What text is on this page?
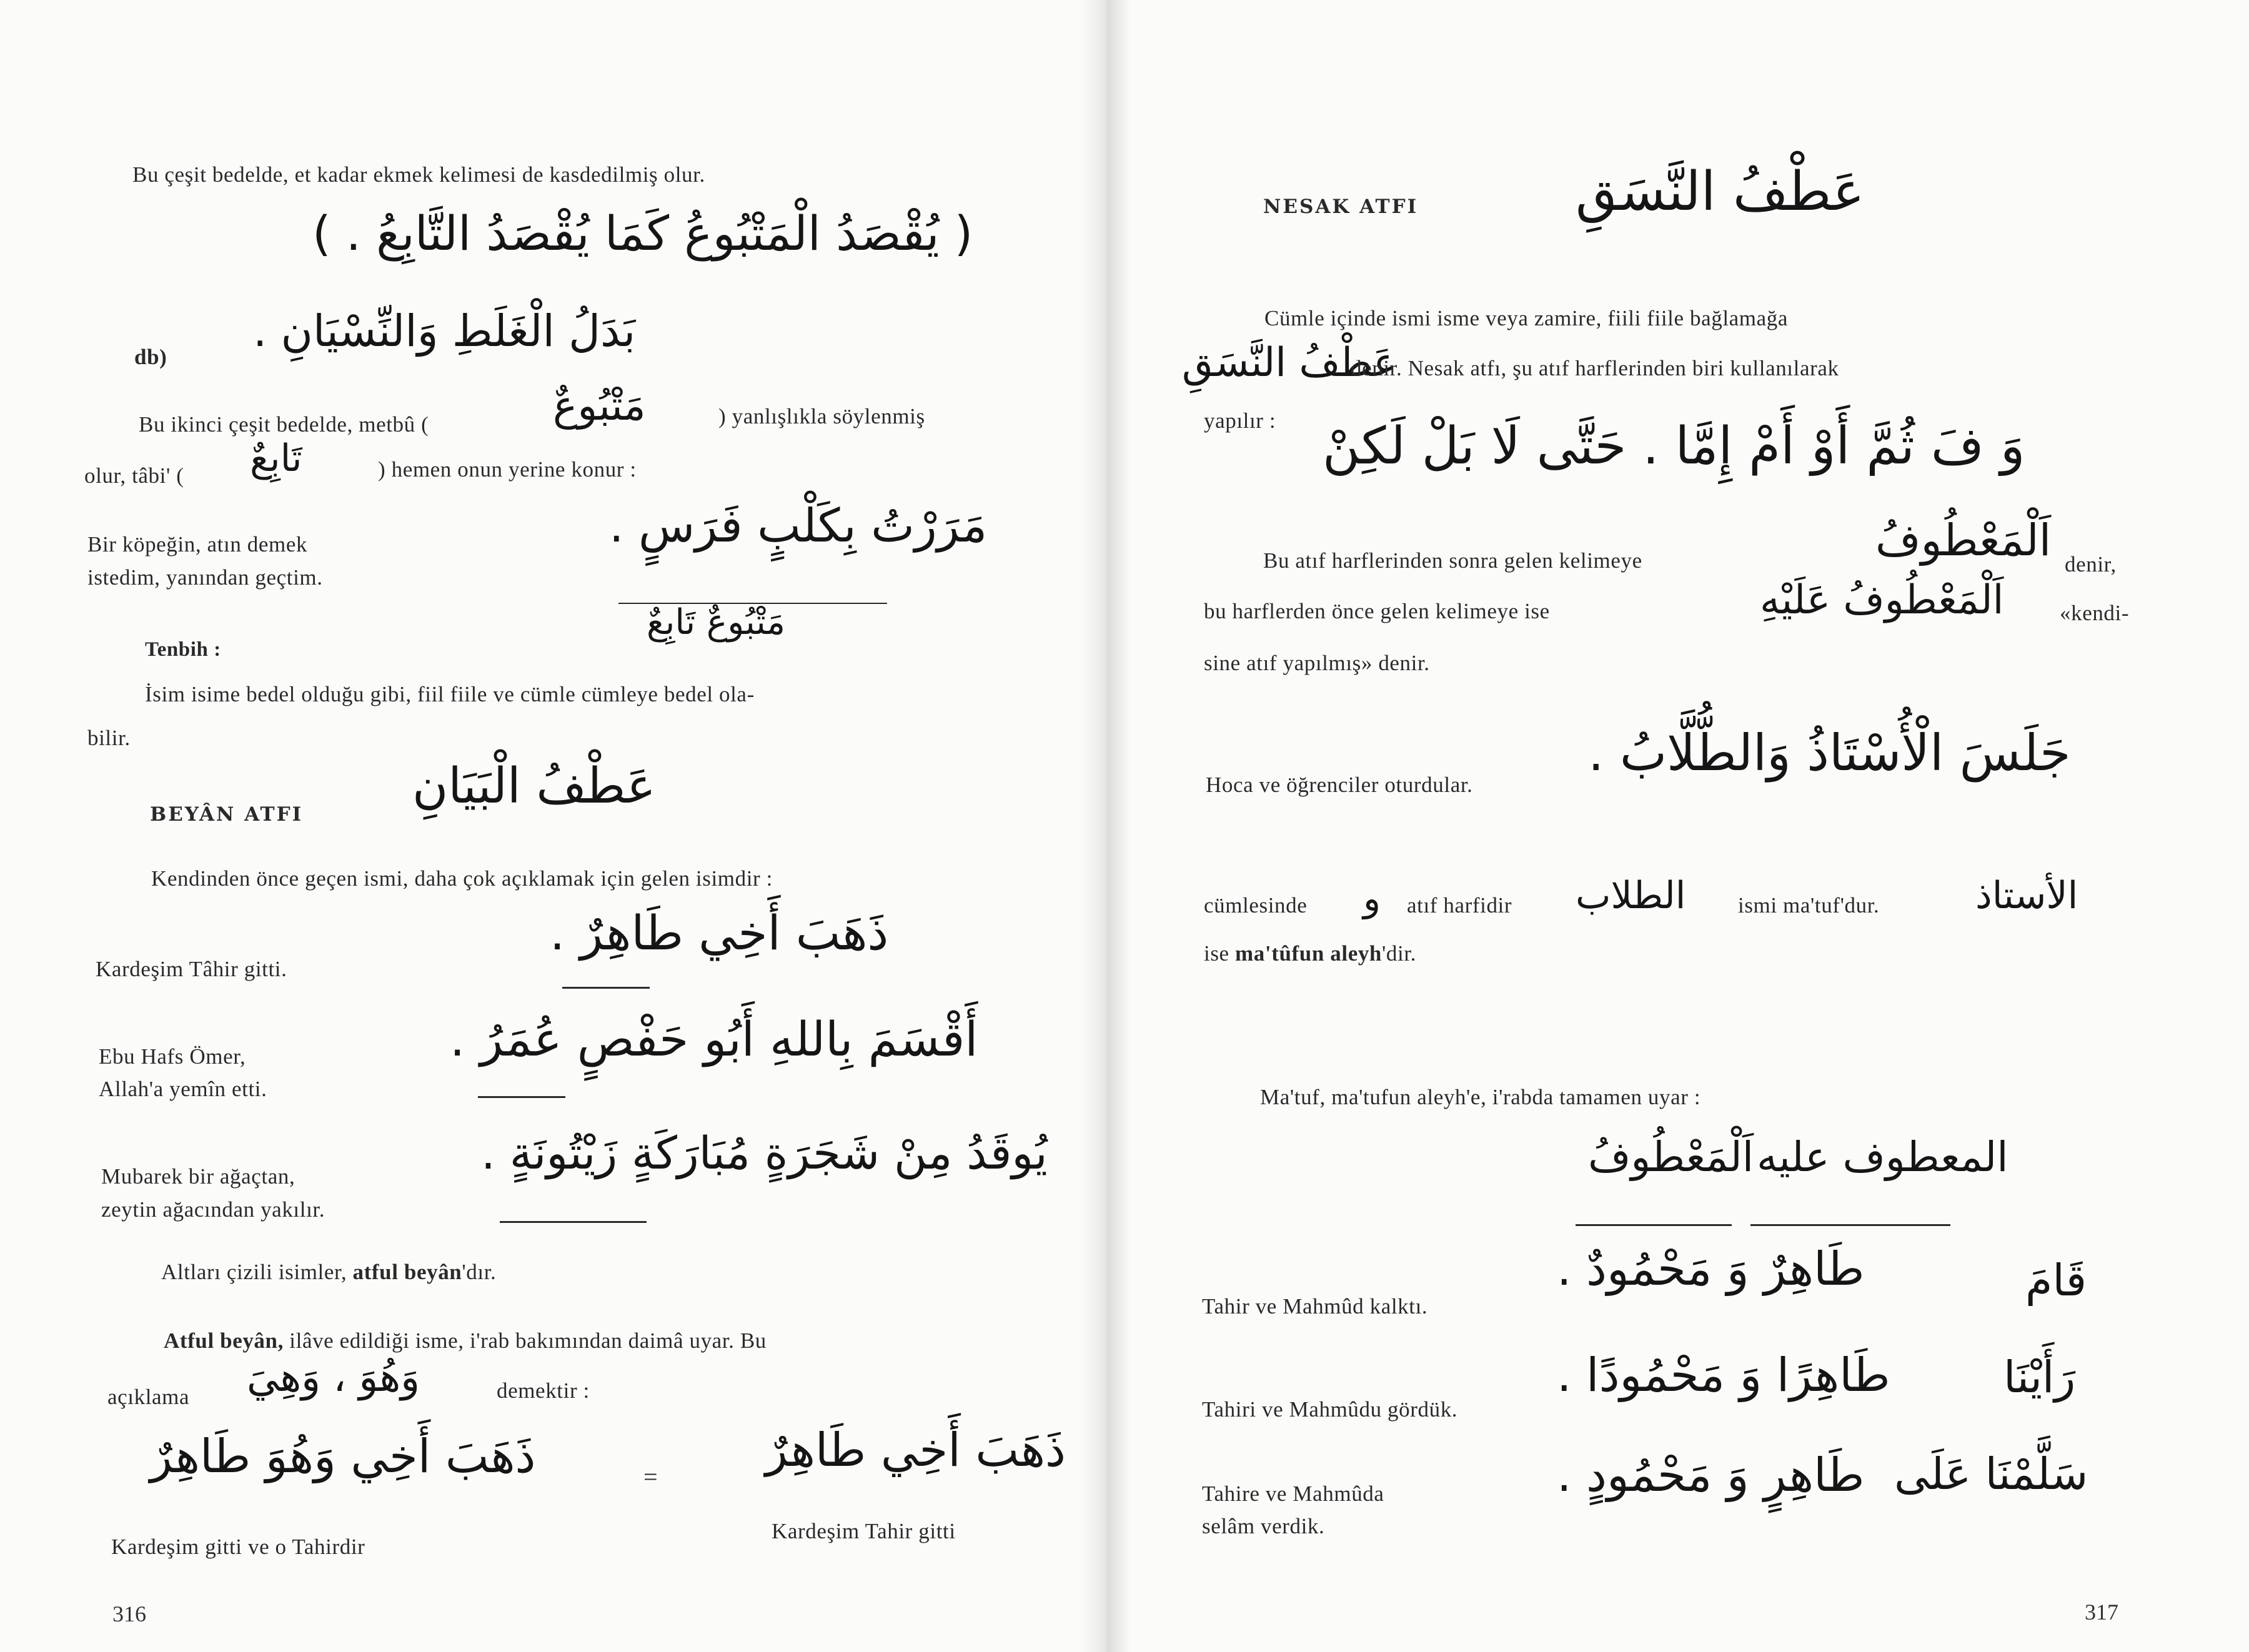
Bu çeşit bedelde, et kadar ekmek kelimesi de kasdedilmiş olur.
( يُقْصَدُ الْمَتْبُوعُ كَمَا يُقْصَدُ التَّابِعُ . )
db)
بَدَلُ الْغَلَطِ وَالنِّسْيَانِ .
Bu ikinci çeşit bedelde, metbû (	مَتْبُوعٌ	) yanlışlıkla söylenmiş
olur, tâbi' ( تَابِعٌ	) hemen onun yerine konur :
Bir köpeğin, atın demek
istedim, yanından geçtim.
مَرَرْتُ بِكَلْبٍ فَرَسٍ .
مَتْبُوعٌ تَابِعٌ
Tenbih :
İsim isime bedel olduğu gibi, fiil fiile ve cümle cümleye bedel ola-
bilir.
BEYÂN ATFI عَطْفُ الْبَيَانِ
Kendinden önce geçen ismi, daha çok açıklamak için gelen isimdir :
Kardeşim Tâhir gitti.
ذَهَبَ أَخِي طَاهِرٌ .
Ebu Hafs Ömer,
Allah'a yemîn etti.
أَقْسَمَ بِاللهِ أَبُو حَفْصٍ عُمَرُ .
Mubarek bir ağaçtan,
zeytin ağacından yakılır.
يُوقَدُ مِنْ شَجَرَةٍ مُبَارَكَةٍ زَيْتُونَةٍ .
Altları çizili isimler, atful beyân'dır.
Atful beyân, ilâve edildiği isme, i'rab bakımından daimâ uyar. Bu
açıklama وَهُوَ ، وَهِيَ	demektir :
ذَهَبَ أَخِي وَهُوَ طَاهِرٌ	= ذَهَبَ أَخِي طَاهِرٌ
Kardeşim gitti ve o Tahirdir
Kardeşim Tahir gitti
316
NESAK ATFI	عَطْفُ النَّسَقِ
Cümle içinde ismi isme veya zamire, fiili fiile bağlamağa
عَطْفُ النَّسَقِ
denir. Nesak atfı, şu atıf harflerinden biri kullanılarak
yapılır : وَ فَ ثُمَّ أَوْ أَمْ إِمَّا . حَتَّى لَا بَلْ لَكِنْ
Bu atıf harflerinden sonra gelen kelimeye	اَلْمَعْطُوفُ denir,
bu harflerden önce gelen kelimeye ise	اَلْمَعْطُوفُ عَلَيْهِ	«kendi-
sine atıf yapılmış» denir.
Hoca ve öğrenciler oturdular.
جَلَسَ الْأُسْتَاذُ وَالطُّلَّابُ .
cümlesinde و atıf harfidir الطلاب ismi ma'tuf'dur.	الأستاذ
ise ma'tûfun aleyh'dir.
Ma'tuf, ma'tufun aleyh'e, i'rabda tamamen uyar :
اَلْمَعْطُوفُ المعطوف عليه
Tahir ve Mahmûd kalktı.
طَاهِرٌ وَ مَحْمُودٌ .	قَامَ
Tahiri ve Mahmûdu gördük.
طَاهِرًا وَ مَحْمُودًا .	رَأَيْنَا
Tahire ve Mahmûda
selâm verdik.
طَاهِرٍ وَ مَحْمُودٍ . سَلَّمْنَا عَلَى
317
